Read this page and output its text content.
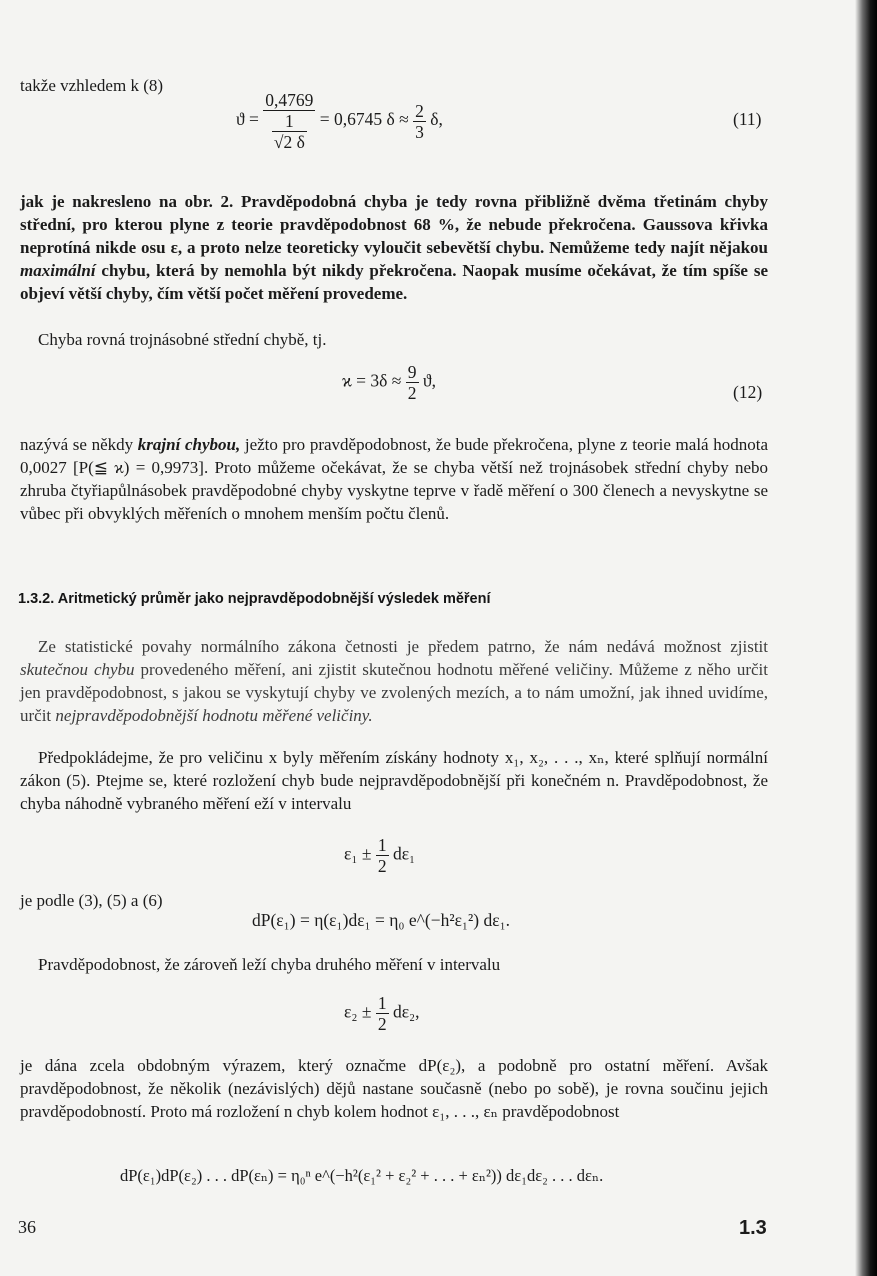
takže vzhledem k (8)

$ϑ = \frac{0,4769}{\frac{1}{√2 \delta}} = 0,6745$ $\delta \approx \frac{2}{3} \delta$,	(11)

jak je nakresleno na obr. 2. Pravděpodobná chyba je tedy rovna přibližně dvěma třetinám chyby střední, pro kterou plyne z teorie pravděpodobnost 68 %, že nebude překročena. Gaussova křivka neprotíná nikde osu ε, a proto nelze teoreticky vyloučit sebevětší chybu. Nemůžeme tedy najít nějakou maximální chybu, která by nemohla být nikdy překročena. Naopak musíme očekávat, že tím spíše se objeví větší chyby, čím větší počet měření provedeme.

Chyba rovná trojnásobné střední chybě, tj.

$ϰ = 3\delta \approx \frac{9}{2} ϑ$,
(12)

nazývá se někdy krajní chybou, ježto pro pravděpodobnost, že bude překročena, plyne z teorie malá hodnota 0,0027 [P(≦ ϰ) = 0,9973]. Proto můžeme očekávat, že se chyba větší než trojnásobek střední chyby nebo zhruba čtyřiapůlnásobek pravděpodobné chyby vyskytne teprve v řadě měření o 300 členech a nevyskytne se vůbec při obvyklých měřeních o mnohem menším počtu členů.

1.3.2. Aritmetický průměr jako nejpravděpodobnější výsledek měření

Ze statistické povahy normálního zákona četnosti je předem patrno, že nám nedává možnost zjistit skutečnou chybu provedeného měření, ani zjistit skutečnou hodnotu měřené veličiny. Můžeme z něho určit jen pravděpodobnost, s jakou se vyskytují chyby ve zvolených mezích, a to nám umožní, jak ihned uvidíme, určit nejpravděpodobnější hodnotu měřené veličiny.

Předpokládejme, že pro veličinu x byly měřením získány hodnoty x₁, x₂, . . ., xₙ, které splňují normální zákon (5). Ptejme se, které rozložení chyb bude nejpravděpodobnější při konečném n. Pravděpodobnost, že chyba náhodně vybraného měření eží v intervalu

$\varepsilon_1 \pm \frac{1}{2} d\varepsilon_1$

je podle (3), (5) a (6)

dP(ε₁) = η(ε₁)dε₁ = η₀ e^(−h²ε₁²) dε₁.

Pravděpodobnost, že zároveň leží chyba druhého měření v intervalu

$\varepsilon_2 \pm \frac{1}{2} d\varepsilon_2$,

je dána zcela obdobným výrazem, který označme dP(ε₂), a podobně pro ostatní měření. Avšak pravděpodobnost, že několik (nezávislých) dějů nastane současně (nebo po sobě), je rovna součinu jejich pravděpodobností. Proto má rozložení n chyb kolem hodnot ε₁, . . ., εₙ pravděpodobnost

dP(ε₁)dP(ε₂) . . . dP(εₙ) = η₀ⁿ e^(−h²(ε₁² + ε₂² + . . . + εₙ²)) dε₁dε₂ . . . dεₙ.
36	1.3
